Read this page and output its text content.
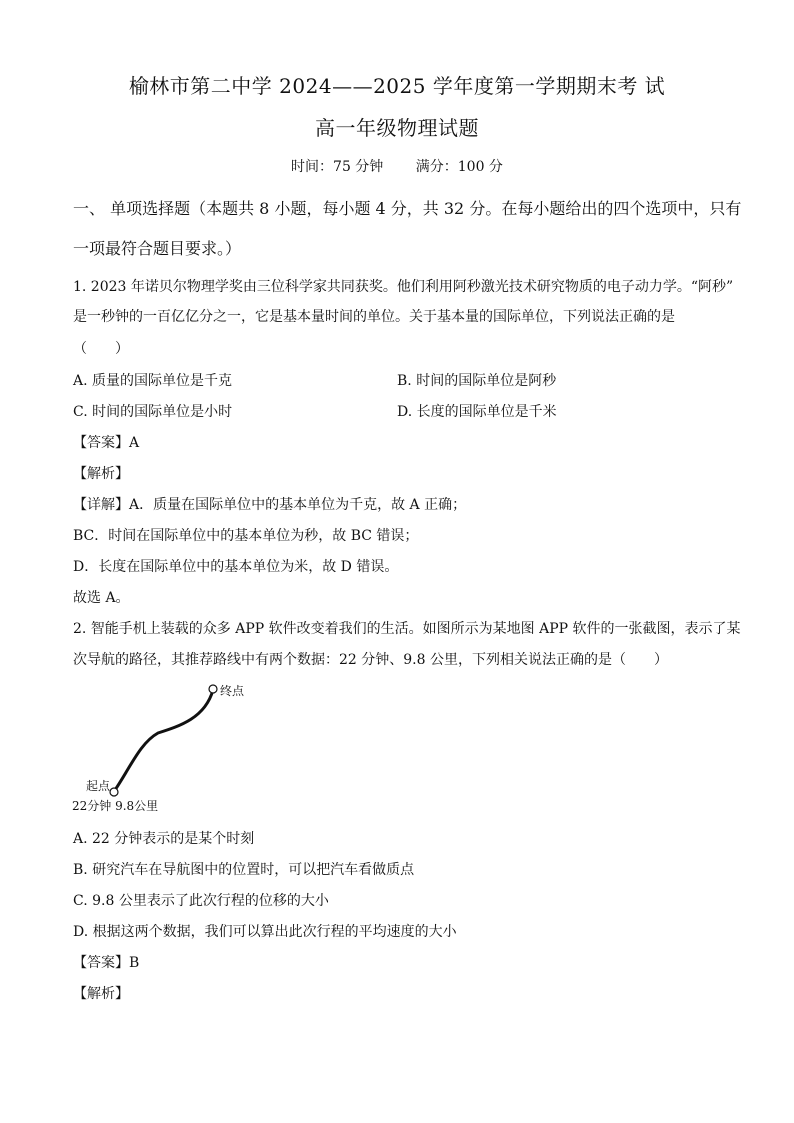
榆林市第二中学 2024——2025 学年度第一学期期末考 试
高一年级物理试题
时间：75 分钟 满分：100 分
一、 单项选择题（本题共 8 小题，每小题 4 分，共 32 分。在每小题给出的四个选项中，只有
一项最符合题目要求。）
1. 2023 年诺贝尔物理学奖由三位科学家共同获奖。他们利用阿秒激光技术研究物质的电子动力学。“阿秒”
是一秒钟的一百亿亿分之一，它是基本量时间的单位。关于基本量的国际单位，下列说法正确的是
（　　）
A. 质量的国际单位是千克	B. 时间的国际单位是阿秒
C. 时间的国际单位是小时	D. 长度的国际单位是千米
【答案】A
【解析】
【详解】A．质量在国际单位中的基本单位为千克，故 A 正确；
BC．时间在国际单位中的基本单位为秒，故 BC 错误；
D．长度在国际单位中的基本单位为米，故 D 错误。
故选 A。
2. 智能手机上装载的众多 APP 软件改变着我们的生活。如图所示为某地图 APP 软件的一张截图，表示了某
次导航的路径，其推荐路线中有两个数据：22 分钟、9.8 公里，下列相关说法正确的是（　　）
终点
起点
22分钟 9.8公里
A. 22 分钟表示的是某个时刻
B. 研究汽车在导航图中的位置时，可以把汽车看做质点
C. 9.8 公里表示了此次行程的位移的大小
D. 根据这两个数据，我们可以算出此次行程的平均速度的大小
【答案】B
【解析】
